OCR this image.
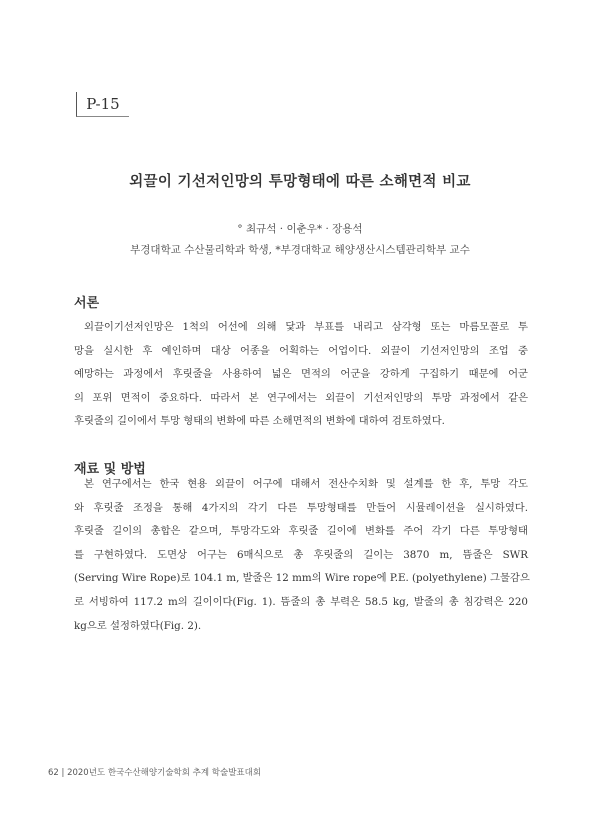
P-15
외끌이 기선저인망의 투망형태에 따른 소해면적 비교
° 최규석 · 이춘우* · 장용석
부경대학교 수산물리학과 학생, *부경대학교 해양생산시스템관리학부 교수
서론
외끌이기선저인망은 1척의 어선에 의해 닻과 부표를 내리고 삼각형 또는 마름모꼴로 투
망을 실시한 후 예인하며 대상 어종을 어획하는 어업이다. 외끌이 기선저인망의 조업 중
예망하는 과정에서 후릿줄을 사용하여 넓은 면적의 어군을 강하게 구집하기 때문에 어군
의 포위 면적이 중요하다. 따라서 본 연구에서는 외끌이 기선저인망의 투망 과정에서 같은
후릿줄의 길이에서 투망 형태의 변화에 따른 소해면적의 변화에 대하여 검토하였다.
재료 및 방법
본 연구에서는 한국 현용 외끌이 어구에 대해서 전산수치화 및 설계를 한 후, 투망 각도
와 후릿줄 조정을 통해 4가지의 각기 다른 투망형태를 만들어 시뮬레이션을 실시하였다.
후릿줄 길이의 총합은 같으며, 투망각도와 후릿줄 길이에 변화를 주어 각기 다른 투망형태
를 구현하였다. 도면상 어구는 6매식으로 총 후릿줄의 길이는 3870 m, 뜸줄은 SWR
(Serving Wire Rope)로 104.1 m, 발줄은 12 mm의 Wire rope에 P.E. (polyethylene) 그물감으
로 서빙하여 117.2 m의 길이이다(Fig. 1). 뜸줄의 총 부력은 58.5 kg, 발줄의 총 침강력은 220
kg으로 설정하였다(Fig. 2).
62 | 2020년도 한국수산해양기술학회 추계 학술발표대회
